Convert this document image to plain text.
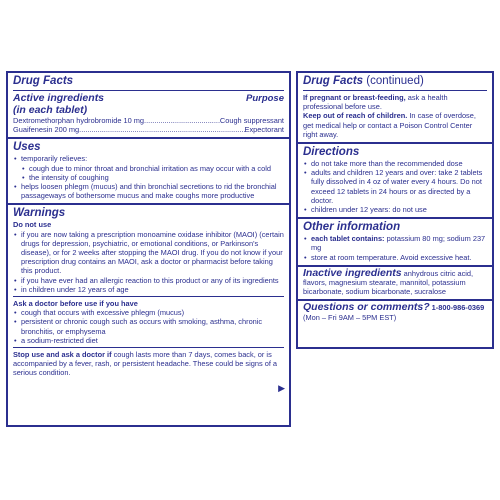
Drug Facts
Active ingredients
(in each tablet)
Purpose
Dextromethorphan hydrobromide 10 mg .....	Cough suppressant
Guaifenesin 200 mg .....	Expectorant
Uses
• temporarily relieves:
• cough due to minor throat and bronchial irritation as may occur with a cold
• the intensity of coughing
• helps loosen phlegm (mucus) and thin bronchial secretions to rid the bronchial passageways of bothersome mucus and make coughs more productive
Warnings
Do not use
• if you are now taking a prescription monoamine oxidase inhibitor (MAOI) (certain drugs for depression, psychiatric, or emotional conditions, or Parkinson's disease), or for 2 weeks after stopping the MAOI drug. If you do not know if your prescription drug contains an MAOI, ask a doctor or pharmacist before taking this product.
• if you have ever had an allergic reaction to this product or any of its ingredients
• in children under 12 years of age
Ask a doctor before use if you have
• cough that occurs with excessive phlegm (mucus)
• persistent or chronic cough such as occurs with smoking, asthma, chronic bronchitis, or emphysema
• a sodium-restricted diet
Stop use and ask a doctor if cough lasts more than 7 days, comes back, or is accompanied by a fever, rash, or persistent headache. These could be signs of a serious condition.
▶
Drug Facts (continued)
If pregnant or breast-feeding, ask a health professional before use.
Keep out of reach of children. In case of overdose, get medical help or contact a Poison Control Center right away.
Directions
• do not take more than the recommended dose
• adults and children 12 years and over: take 2 tablets fully dissolved in 4 oz of water every 4 hours. Do not exceed 12 tablets in 24 hours or as directed by a doctor.
• children under 12 years: do not use
Other information
• each tablet contains: potassium 80 mg; sodium 237 mg
• store at room temperature. Avoid excessive heat.
Inactive ingredients anhydrous citric acid, flavors, magnesium stearate, mannitol, potassium bicarbonate, sodium bicarbonate, sucralose
Questions or comments? 1-800-986-0369
(Mon – Fri 9AM – 5PM EST)
